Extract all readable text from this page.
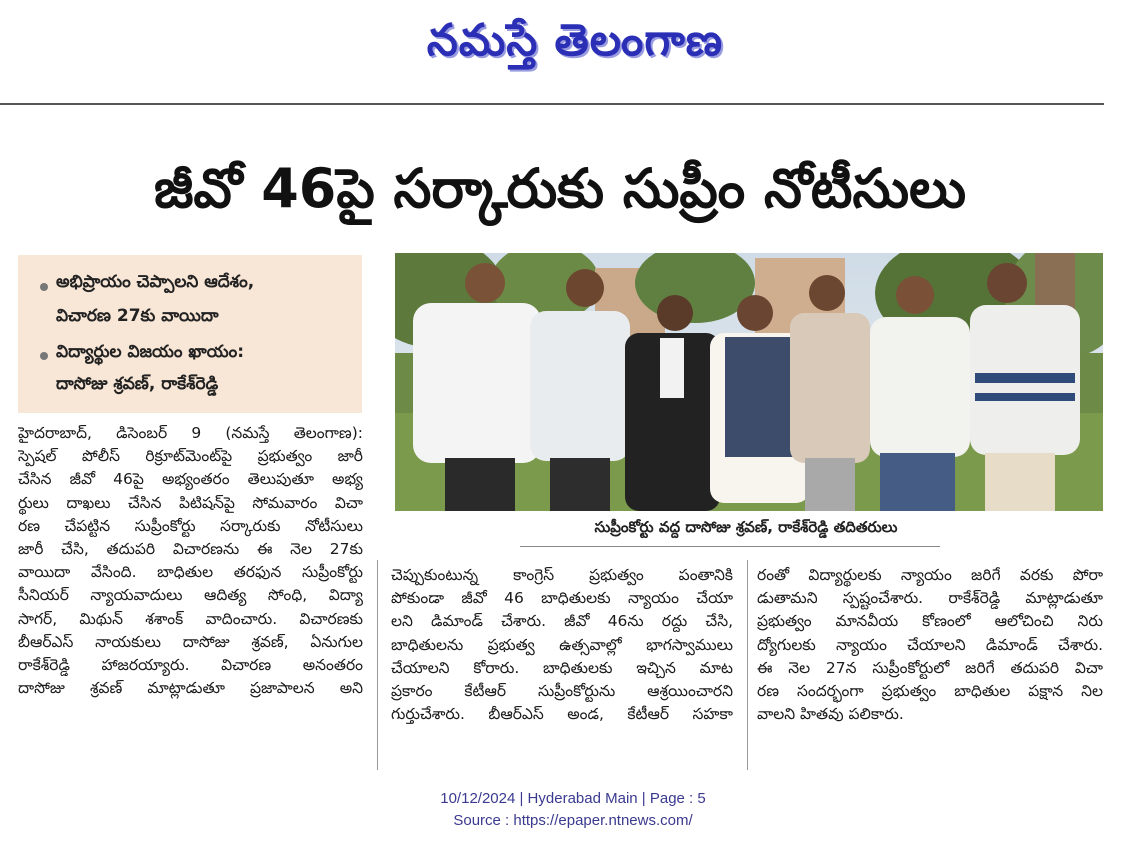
నమస్తే తెలంగాణ
జీవో 46పై సర్కారుకు సుప్రీం నోటీసులు
అభిప్రాయం చెప్పాలని ఆదేశం,
విచారణ 27కు వాయిదా
విద్యార్థుల విజయం ఖాయం:
దాసోజు శ్రవణ్, రాకేశ్‌రెడ్డి
సుప్రీంకోర్టు వద్ద దాసోజు శ్రవణ్, రాకేశ్‌రెడ్డి తదితరులు
హైదరాబాద్, డిసెంబర్ 9 (నమస్తే తెలంగాణ):
స్పెషల్ పోలీస్ రిక్రూట్‌మెంట్‌పై ప్రభుత్వం జారీ
చేసిన జీవో 46పై అభ్యంతరం తెలుపుతూ అభ్య
ర్థులు దాఖలు చేసిన పిటిషన్‌పై సోమవారం విచా
రణ చేపట్టిన సుప్రీంకోర్టు సర్కారుకు నోటీసులు
జారీ చేసి, తదుపరి విచారణను ఈ నెల 27కు
వాయిదా వేసింది. బాధితుల తరఫున సుప్రీంకోర్టు
సీనియర్ న్యాయవాదులు ఆదిత్య సోంధి, విద్యా
సాగర్, మిథున్ శశాంక్ వాదించారు. విచారణకు
బీఆర్‌ఎస్ నాయకులు దాసోజు శ్రవణ్, ఏనుగుల
రాకేశ్‌రెడ్డి హాజరయ్యారు. విచారణ అనంతరం
దాసోజు శ్రవణ్ మాట్లాడుతూ ప్రజాపాలన అని
చెప్పుకుంటున్న కాంగ్రెస్ ప్రభుత్వం పంతానికి
పోకుండా జీవో 46 బాధితులకు న్యాయం చేయా
లని డిమాండ్ చేశారు. జీవో 46ను రద్దు చేసి,
బాధితులను ప్రభుత్వ ఉత్సవాల్లో భాగస్వాములు
చేయాలని కోరారు. బాధితులకు ఇచ్చిన మాట
ప్రకారం కేటీఆర్ సుప్రీంకోర్టును ఆశ్రయించారని
గుర్తుచేశారు. బీఆర్‌ఎస్ అండ, కేటీఆర్ సహకా
రంతో విద్యార్థులకు న్యాయం జరిగే వరకు పోరా
డుతామని స్పష్టంచేశారు. రాకేశ్‌రెడ్డి మాట్లాడుతూ
ప్రభుత్వం మానవీయ కోణంలో ఆలోచించి నిరు
ద్యోగులకు న్యాయం చేయాలని డిమాండ్ చేశారు.
ఈ నెల 27న సుప్రీంకోర్టులో జరిగే తదుపరి విచా
రణ సందర్భంగా ప్రభుత్వం బాధితుల పక్షాన నిల
వాలని హితవు పలికారు.
10/12/2024 | Hyderabad Main | Page : 5
Source : https://epaper.ntnews.com/
